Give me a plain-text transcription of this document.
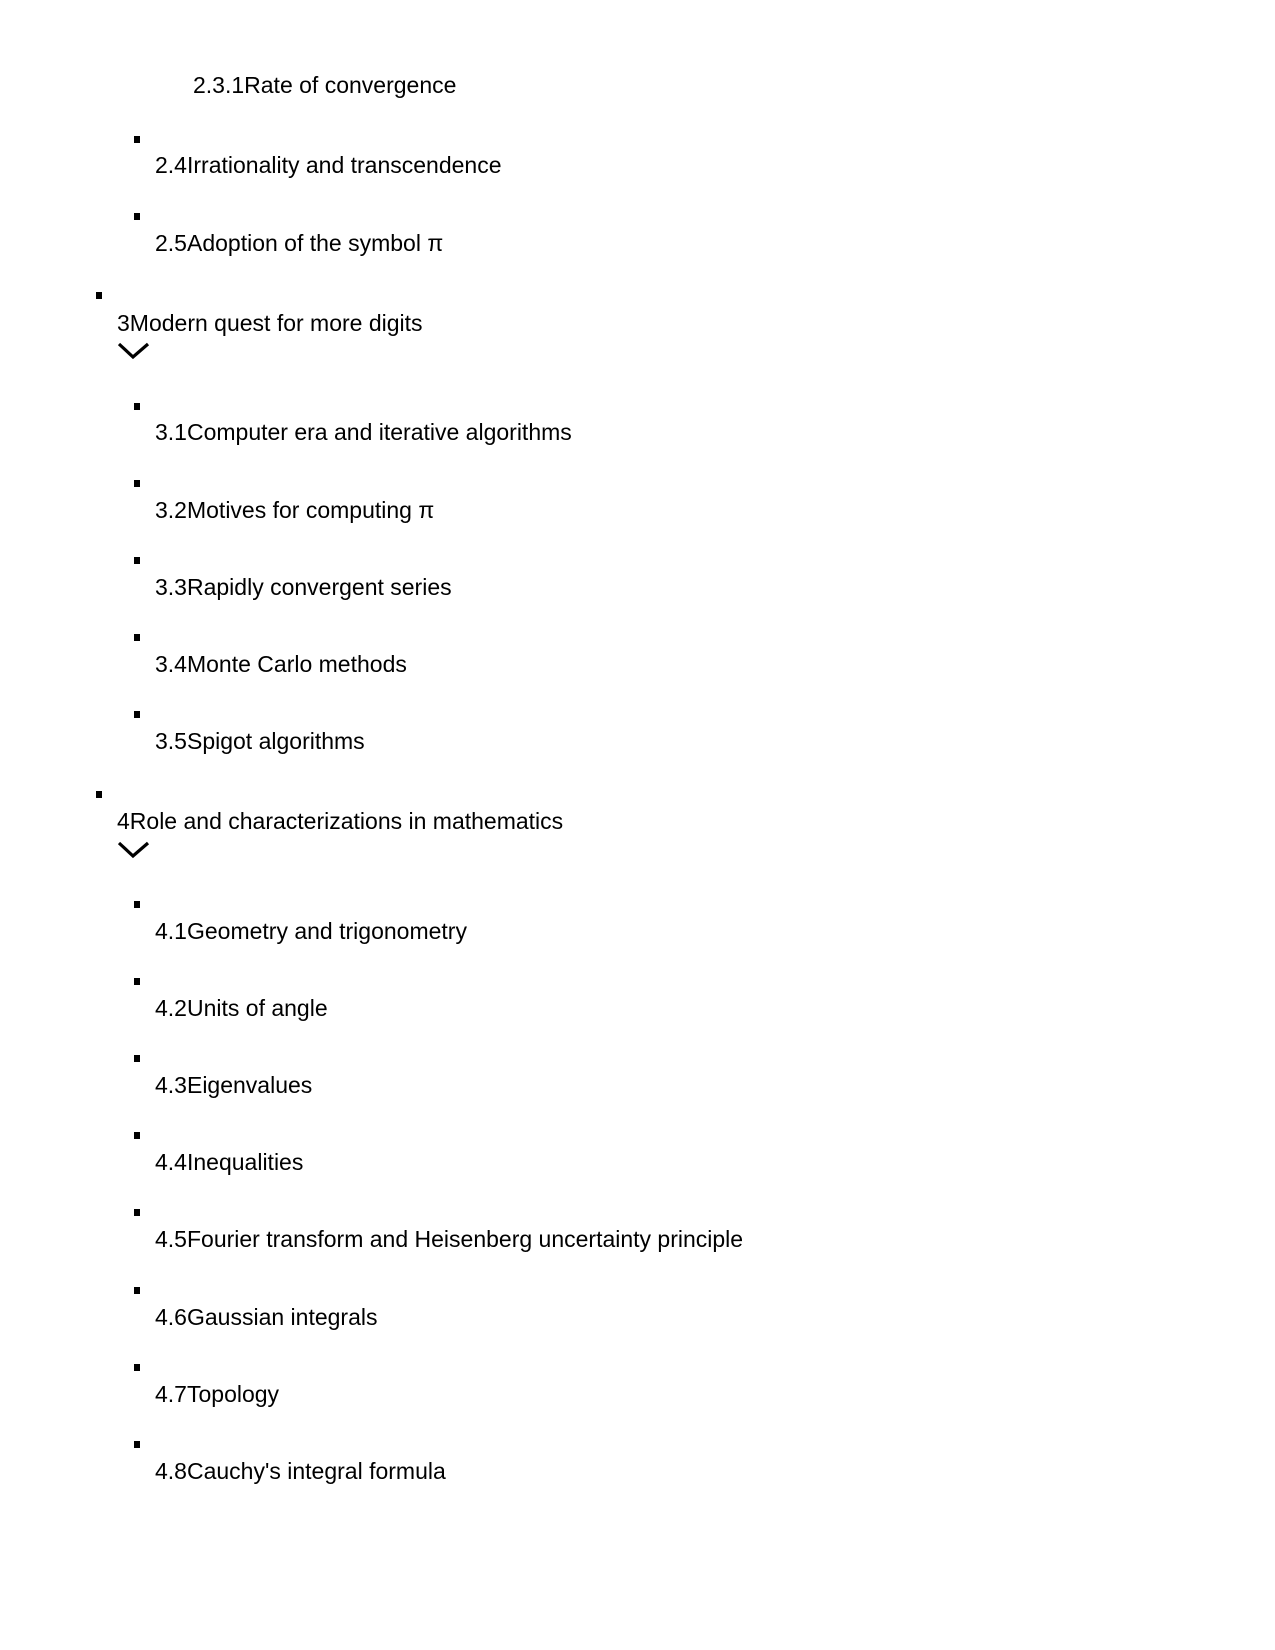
2.3.1Rate of convergence
2.4Irrationality and transcendence
2.5Adoption of the symbol π
3Modern quest for more digits
3.1Computer era and iterative algorithms
3.2Motives for computing π
3.3Rapidly convergent series
3.4Monte Carlo methods
3.5Spigot algorithms
4Role and characterizations in mathematics
4.1Geometry and trigonometry
4.2Units of angle
4.3Eigenvalues
4.4Inequalities
4.5Fourier transform and Heisenberg uncertainty principle
4.6Gaussian integrals
4.7Topology
4.8Cauchy's integral formula
